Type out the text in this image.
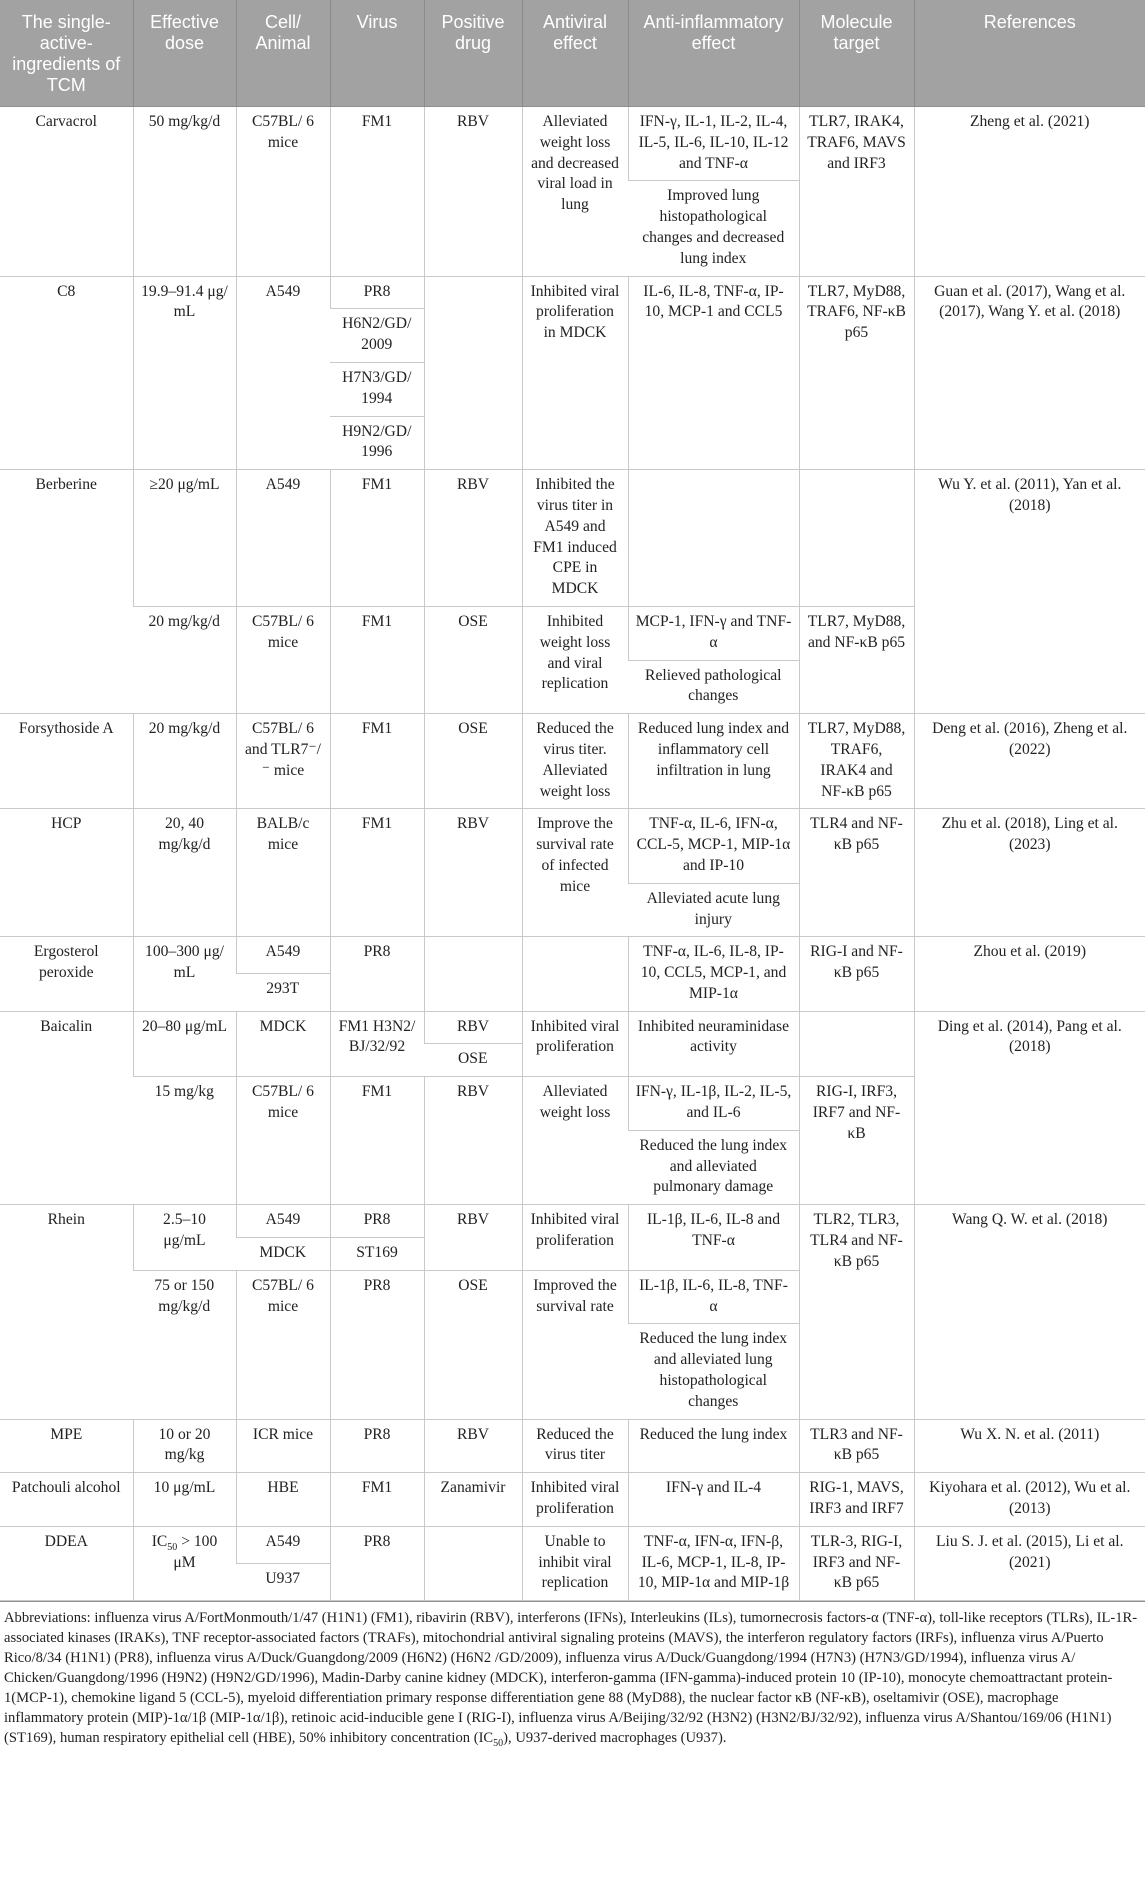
The single-active-ingredients of TCM	Effective dose	Cell/ Animal	Virus	Positive drug	Antiviral effect	Anti-inflammatory effect	Molecule target	References
Carvacrol	50 mg/kg/d	C57BL/ 6 mice	FM1	RBV	Alleviated weight loss and decreased viral load in lung	IFN-γ, IL-1, IL-2, IL-4, IL-5, IL-6, IL-10, IL-12 and TNF-α	TLR7, IRAK4, TRAF6, MAVS and IRF3	Zheng et al. (2021)
						Improved lung histopathological changes and decreased lung index		
C8	19.9–91.4 μg/ mL	A549	PR8		Inhibited viral proliferation in MDCK	IL-6, IL-8, TNF-α, IP-10, MCP-1 and CCL5	TLR7, MyD88, TRAF6, NF-κB p65	Guan et al. (2017), Wang et al. (2017), Wang Y. et al. (2018)
			H6N2/GD/ 2009					
			H7N3/GD/ 1994					
			H9N2/GD/ 1996					
Berberine	≥20 μg/mL	A549	FM1	RBV	Inhibited the virus titer in A549 and FM1 induced CPE in MDCK			Wu Y. et al. (2011), Yan et al. (2018)
	20 mg/kg/d	C57BL/ 6 mice	FM1	OSE	Inhibited weight loss and viral replication	MCP-1, IFN-γ and TNF-α	TLR7, MyD88, and NF-κB p65	
						Relieved pathological changes		
Forsythoside A	20 mg/kg/d	C57BL/ 6 and TLR7⁻/⁻ mice	FM1	OSE	Reduced the virus titer. Alleviated weight loss	Reduced lung index and inflammatory cell infiltration in lung	TLR7, MyD88, TRAF6, IRAK4 and NF-κB p65	Deng et al. (2016), Zheng et al. (2022)
HCP	20, 40 mg/kg/d	BALB/c mice	FM1	RBV	Improve the survival rate of infected mice	TNF-α, IL-6, IFN-α, CCL-5, MCP-1, MIP-1α and IP-10	TLR4 and NF-κB p65	Zhu et al. (2018), Ling et al. (2023)
						Alleviated acute lung injury		
Ergosterol peroxide	100–300 μg/ mL	A549	PR8			TNF-α, IL-6, IL-8, IP-10, CCL5, MCP-1, and MIP-1α	RIG-I and NF-κB p65	Zhou et al. (2019)
		293T						
Baicalin	20–80 μg/mL	MDCK	FM1 H3N2/ BJ/32/92	RBV	Inhibited viral proliferation	Inhibited neuraminidase activity		Ding et al. (2014), Pang et al. (2018)
				OSE				
	15 mg/kg	C57BL/ 6 mice	FM1	RBV	Alleviated weight loss	IFN-γ, IL-1β, IL-2, IL-5, and IL-6	RIG-I, IRF3, IRF7 and NF-κB	
						Reduced the lung index and alleviated pulmonary damage		
Rhein	2.5–10 μg/mL	A549	PR8	RBV	Inhibited viral proliferation	IL-1β, IL-6, IL-8 and TNF-α	TLR2, TLR3, TLR4 and NF-κB p65	Wang Q. W. et al. (2018)
		MDCK	ST169					
	75 or 150 mg/kg/d	C57BL/ 6 mice	PR8	OSE	Improved the survival rate	IL-1β, IL-6, IL-8, TNF-α		
						Reduced the lung index and alleviated lung histopathological changes		
MPE	10 or 20 mg/kg	ICR mice	PR8	RBV	Reduced the virus titer	Reduced the lung index	TLR3 and NF-κB p65	Wu X. N. et al. (2011)
Patchouli alcohol	10 μg/mL	HBE	FM1	Zanamivir	Inhibited viral proliferation	IFN-γ and IL-4	RIG-1, MAVS, IRF3 and IRF7	Kiyohara et al. (2012), Wu et al. (2013)
DDEA	$IC_{50} > 100$ μM	A549	PR8		Unable to inhibit viral replication	TNF-α, IFN-α, IFN-β, IL-6, MCP-1, IL-8, IP-10, MIP-1α and MIP-1β	TLR-3, RIG-I, IRF3 and NF-κB p65	Liu S. J. et al. (2015), Li et al. (2021)
		U937						
Abbreviations: influenza virus A/FortMonmouth/1/47 (H1N1) (FM1), ribavirin (RBV), interferons (IFNs), Interleukins (ILs), tumornecrosis factors-α (TNF-α), toll-like receptors (TLRs), IL-1R-associated kinases (IRAKs), TNF receptor-associated factors (TRAFs), mitochondrial antiviral signaling proteins (MAVS), the interferon regulatory factors (IRFs), influenza virus A/Puerto Rico/8/34 (H1N1) (PR8), influenza virus A/Duck/Guangdong/2009 (H6N2) (H6N2 /GD/2009), influenza virus A/Duck/Guangdong/1994 (H7N3) (H7N3/GD/1994), influenza virus A/ Chicken/Guangdong/1996 (H9N2) (H9N2/GD/1996), Madin-Darby canine kidney (MDCK), interferon-gamma (IFN-gamma)-induced protein 10 (IP-10), monocyte chemoattractant protein-1(MCP-1), chemokine ligand 5 (CCL-5), myeloid differentiation primary response differentiation gene 88 (MyD88), the nuclear factor κB (NF-κB), oseltamivir (OSE), macrophage inflammatory protein (MIP)-1α/1β (MIP-1α/1β), retinoic acid-inducible gene I (RIG-I), influenza virus A/Beijing/32/92 (H3N2) (H3N2/BJ/32/92), influenza virus A/Shantou/169/06 (H1N1) (ST169), human respiratory epithelial cell (HBE), 50% inhibitory concentration $(IC_{50})$, U937-derived macrophages (U937).
